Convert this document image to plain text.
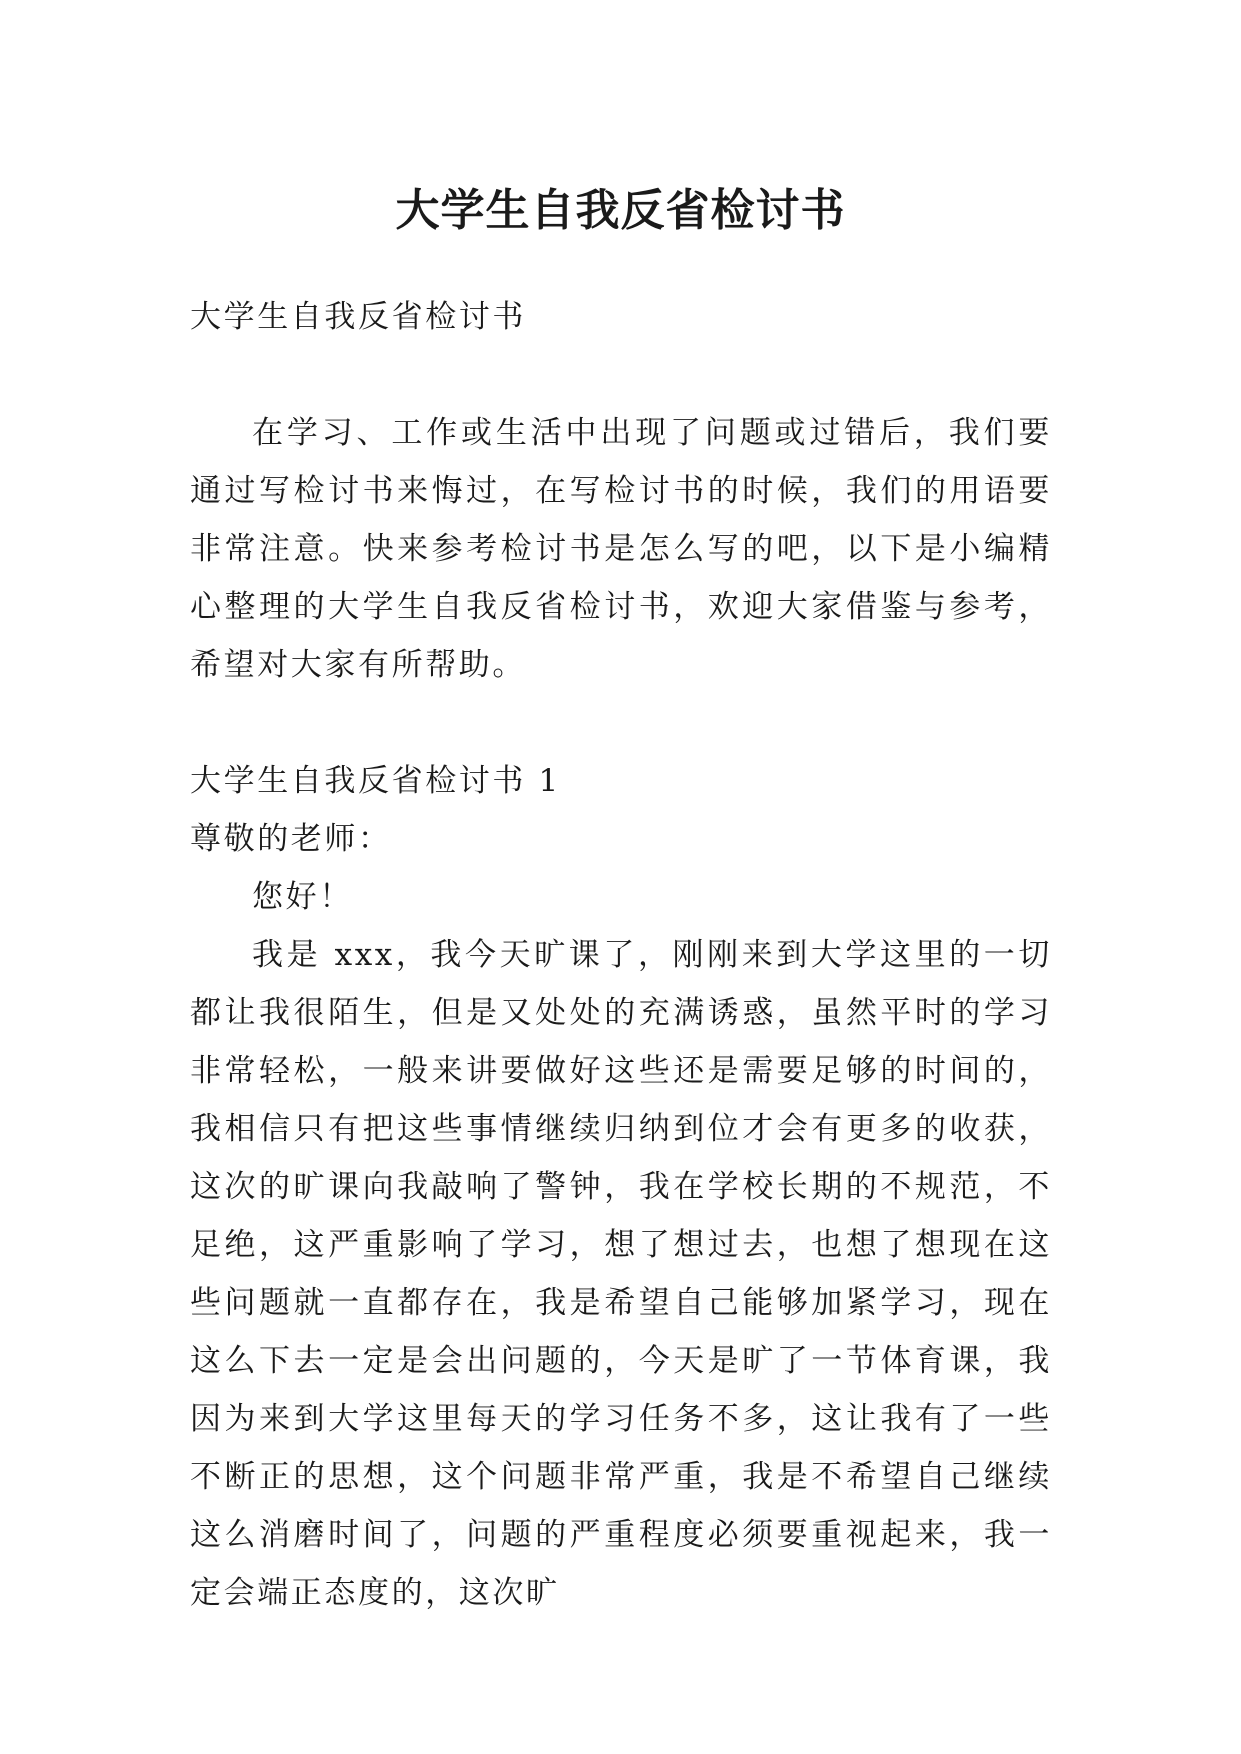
大学生自我反省检讨书

大学生自我反省检讨书

在学习、工作或生活中出现了问题或过错后，我们要通过写检讨书来悔过，在写检讨书的时候，我们的用语要非常注意。快来参考检讨书是怎么写的吧，以下是小编精心整理的大学生自我反省检讨书，欢迎大家借鉴与参考，希望对大家有所帮助。

大学生自我反省检讨书 1

尊敬的老师：

您好！

我是 xxx，我今天旷课了，刚刚来到大学这里的一切都让我很陌生，但是又处处的充满诱惑，虽然平时的学习非常轻松，一般来讲要做好这些还是需要足够的时间的，我相信只有把这些事情继续归纳到位才会有更多的收获，这次的旷课向我敲响了警钟，我在学校长期的不规范，不足绝，这严重影响了学习，想了想过去，也想了想现在这些问题就一直都存在，我是希望自己能够加紧学习，现在这么下去一定是会出问题的，今天是旷了一节体育课，我因为来到大学这里每天的学习任务不多，这让我有了一些不断正的思想，这个问题非常严重，我是不希望自己继续这么消磨时间了，问题的严重程度必须要重视起来，我一定会端正态度的，这次旷
